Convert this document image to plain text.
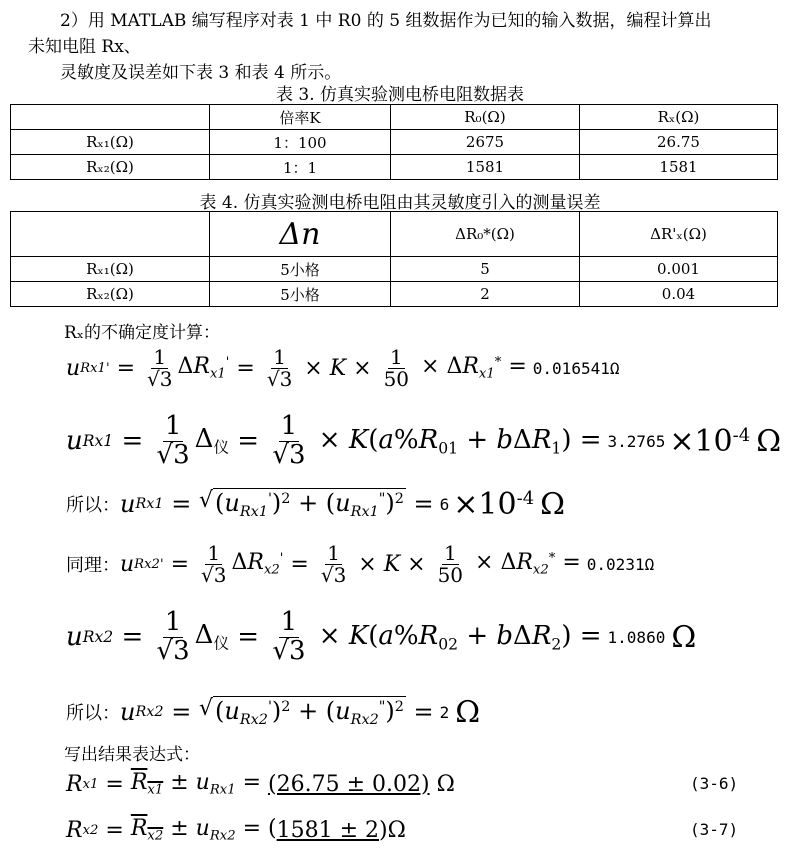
2）用 MATLAB 编写程序对表 1 中 R0 的 5 组数据作为已知的输入数据，编程计算出
未知电阻 Rx、
灵敏度及误差如下表 3 和表 4 所示。
表 3. 仿真实验测电桥电阻数据表
	倍率K	R₀(Ω)	Rₓ(Ω)
Rₓ₁(Ω)	1：100	2675	26.75
Rₓ₂(Ω)	1：1	1581	1581
表 4. 仿真实验测电桥电阻由其灵敏度引入的测量误差
	Δn	ΔR₀*(Ω)	ΔR'ₓ(Ω)
Rₓ₁(Ω)	5小格	5	0.001
Rₓ₂(Ω)	5小格	2	0.04
Rₓ的不确定度计算：
u Rx1 ' = $\frac{1}{√3} \Delta R_{x1}' = \frac{1}{√3} \times K \times \frac{1}{50} \times \Delta R_{x1}^* = 0.016541\Omega$
u $Rx1 = \frac{1}{√3} \Delta_仪 = \frac{1}{√3} \times K(a\%R_{01} + b\Delta R_1) = 3.2765 \times 10^{-4}$ Ω
所以： u Rx1 = √ $(u_{Rx1}')^2 + (u_{Rx1}^")^2 = 6 \times 10^{-4}$ Ω
同理： u Rx2 ' = $\frac{1}{√3} \Delta R_{x2}' = \frac{1}{√3} \times K \times \frac{1}{50} \times \Delta R_{x2}^* = 0.0231\Omega$
u $Rx2 = \frac{1}{√3} \Delta_仪 = \frac{1}{√3} \times K(a\%R_{02} + b\Delta R_2) = 1.0860$ Ω
所以： u Rx2 = √ $(u_{Rx2}')^2 + (u_{Rx2}^")^2 = 2$ Ω
写出结果表达式：
R $x1 = R_{x1} \pm u_{Rx1} = (26.75 \pm 0.02)$ Ω	(3-6)
R $x2 = R_{x2} \pm u_{Rx2}$ = ( 1581 ± 2 )Ω	(3-7)
